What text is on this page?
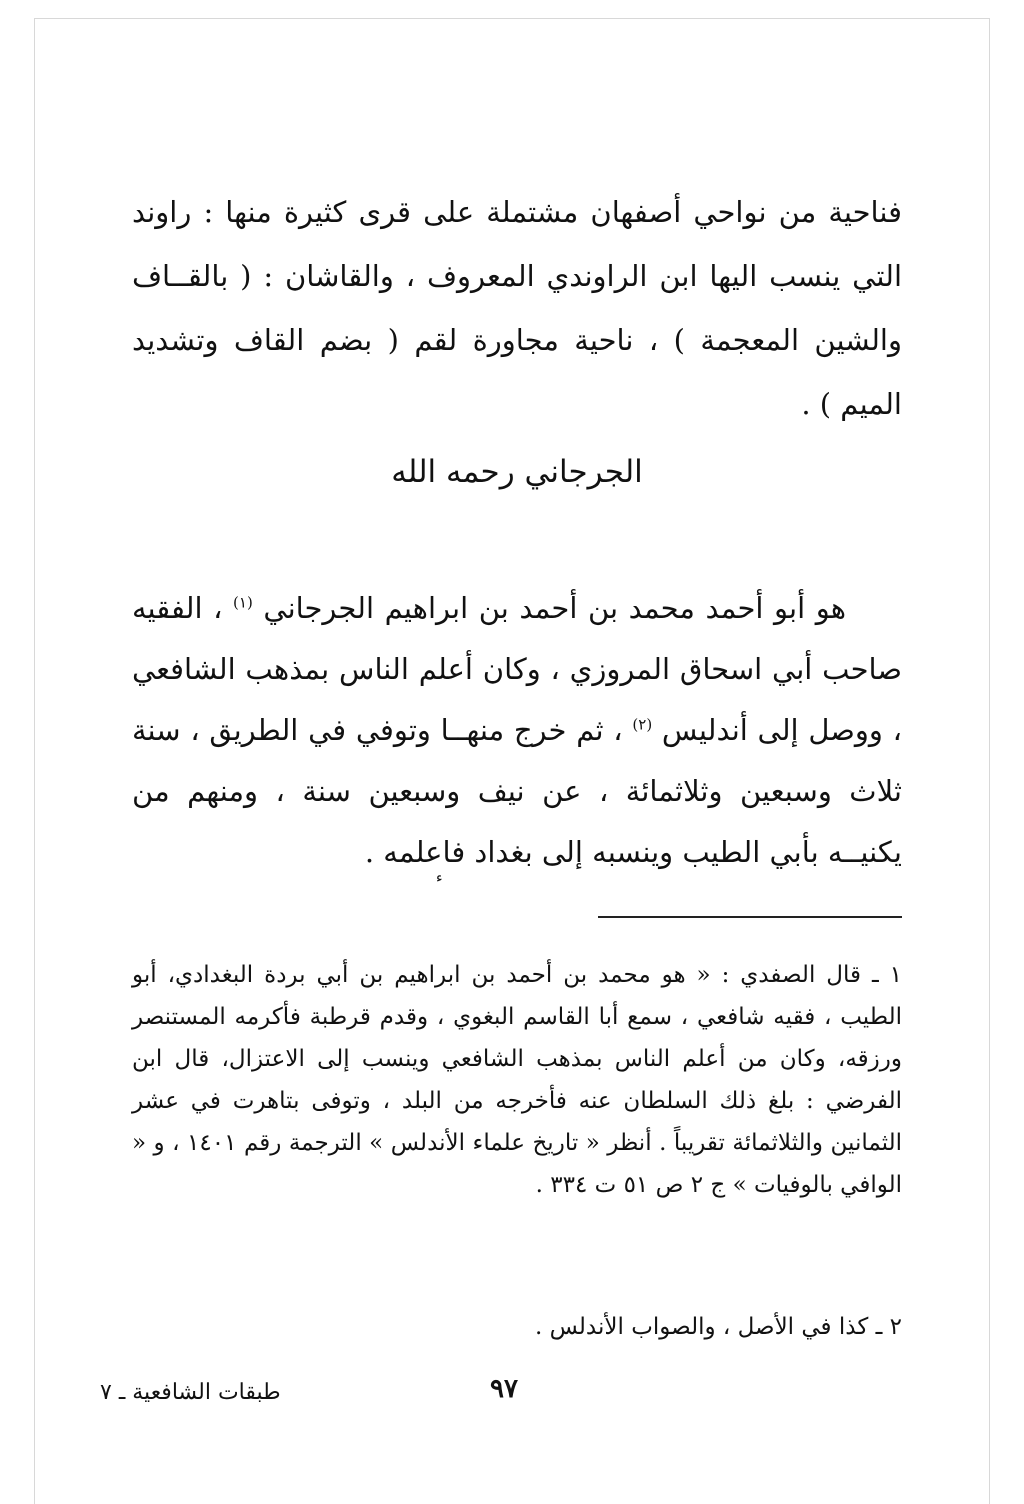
فناحية من نواحي أصفهان مشتملة على قرى كثيرة منها : راوند التي ينسب اليها ابن الراوندي المعروف ، والقاشان : ( بالقــاف والشين المعجمة ) ، ناحية مجاورة لقم ( بضم القاف وتشديد الميم ) .

الجرجاني رحمه الله

هو أبو أحمد محمد بن أحمد بن ابراهيم الجرجاني $^{(١)}$ ، الفقيه صاحب أبي اسحاق المروزي ، وكان أعلم الناس بمذهب الشافعي ، ووصل إلى أندليس $^{(٢)}$ ، ثم خرج منهــا وتوفي في الطريق ، سنة ثلاث وسبعين وثلاثمائة ، عن نيف وسبعين سنة ، ومنهم من يكنيــه بأبي الطيب وينسبه إلى بغداد فاعلمه .

ء

١ ـ قال الصفدي : « هو محمد بن أحمد بن ابراهيم بن أبي بردة البغدادي، أبو الطيب ، فقيه شافعي ، سمع أبا القاسم البغوي ، وقدم قرطبة فأكرمه المستنصر ورزقه، وكان من أعلم الناس بمذهب الشافعي وينسب إلى الاعتزال، قال ابن الفرضي : بلغ ذلك السلطان عنه فأخرجه من البلد ، وتوفى بتاهرت في عشر الثمانين والثلاثمائة تقريباً . أنظر « تاريخ علماء الأندلس » الترجمة رقم ١٤٠١ ، و « الوافي بالوفيات » ج ٢ ص ٥١ ت ٣٣٤ .

٢ ـ كذا في الأصل ، والصواب الأندلس .

٩٧
طبقات الشافعية ـ ٧
